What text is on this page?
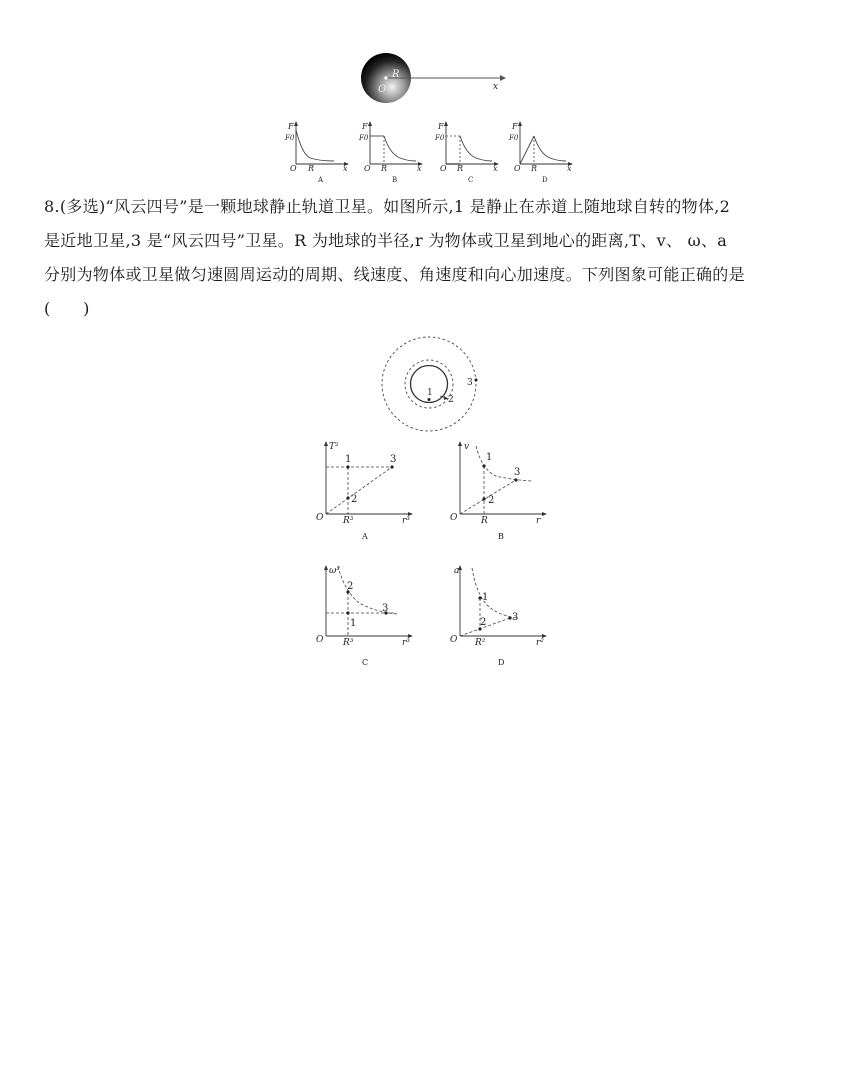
O
R
x
F
F0
O R	x
A
F
F0
O R	x
B
F
F0
O R	x
C
F
F0
O R	x
D

8.(多选)“风云四号”是一颗地球静止轨道卫星。如图所示,1 是静止在赤道上随地球自转的物体,2

是近地卫星,3 是“风云四号”卫星。R 为地球的半径,r 为物体或卫星到地心的距离,T、v、 ω、a

分别为物体或卫星做匀速圆周运动的周期、线速度、角速度和向心加速度。下列图象可能正确的是

(　　)

1
2
3
T²
O R³	r³
1
2
3
A
v
O	R	r
1
2
3
B
ω²
O R³	r³
2
1
3
C
a
O R²	r²
1
2	3
D
